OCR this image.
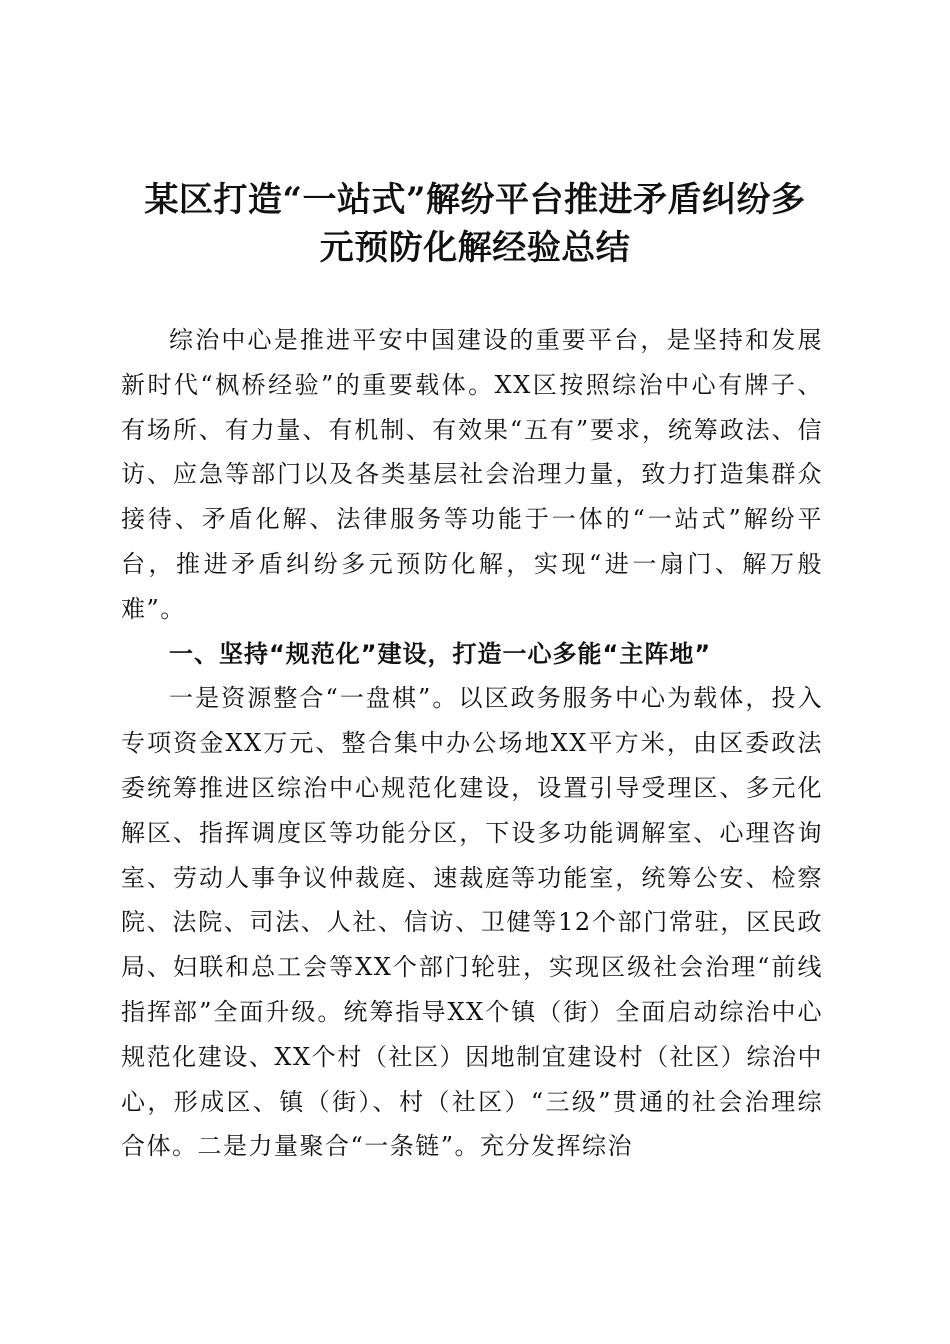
某区打造“一站式”解纷平台推进矛盾纠纷多
元预防化解经验总结

综治中心是推进平安中国建设的重要平台，是坚持和发展新时代“枫桥经验”的重要载体。XX区按照综治中心有牌子、有场所、有力量、有机制、有效果“五有”要求，统筹政法、信访、应急等部门以及各类基层社会治理力量，致力打造集群众接待、矛盾化解、法律服务等功能于一体的“一站式”解纷平台，推进矛盾纠纷多元预防化解，实现“进一扇门、解万般难”。

一、坚持“规范化”建设，打造一心多能“主阵地”

一是资源整合“一盘棋”。以区政务服务中心为载体，投入专项资金XX万元、整合集中办公场地XX平方米，由区委政法委统筹推进区综治中心规范化建设，设置引导受理区、多元化解区、指挥调度区等功能分区，下设多功能调解室、心理咨询室、劳动人事争议仲裁庭、速裁庭等功能室，统筹公安、检察院、法院、司法、人社、信访、卫健等12个部门常驻，区民政局、妇联和总工会等XX个部门轮驻，实现区级社会治理“前线指挥部”全面升级。统筹指导XX个镇（街）全面启动综治中心规范化建设、XX个村（社区）因地制宜建设村（社区）综治中心，形成区、镇（街）、村（社区）“三级”贯通的社会治理综合体。二是力量聚合“一条链”。充分发挥综治
